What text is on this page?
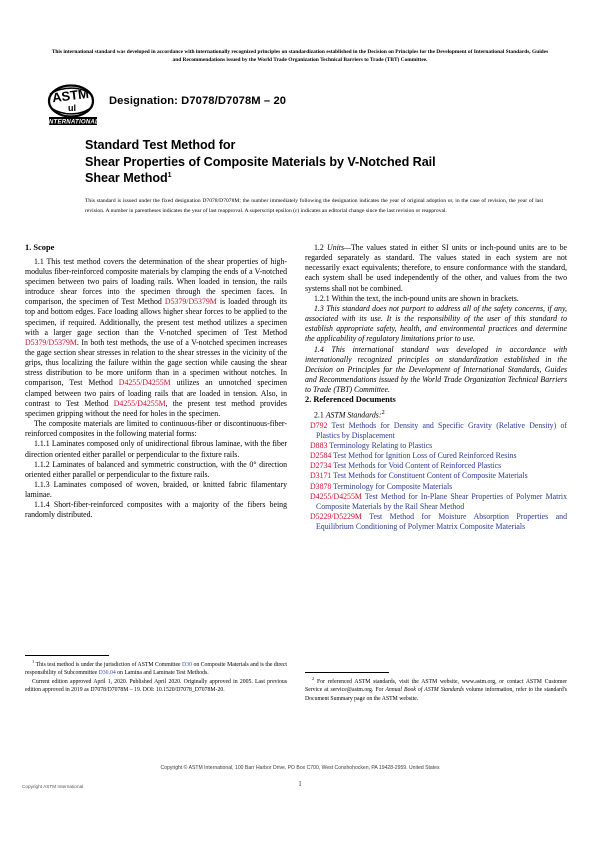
This international standard was developed in accordance with internationally recognized principles on standardization established in the Decision on Principles for the Development of International Standards, Guides and Recommendations issued by the World Trade Organization Technical Barriers to Trade (TBT) Committee.
ASTM
ul
INTERNATIONAL
Designation: D7078/D7078M – 20
Standard Test Method for
Shear Properties of Composite Materials by V-Notched Rail
Shear Method$^1$
This standard is issued under the fixed designation D7078/D7078M; the number immediately following the designation indicates the year of original adoption or, in the case of revision, the year of last revision. A number in parentheses indicates the year of last reapproval. A superscript epsilon (ε) indicates an editorial change since the last revision or reapproval.
1. Scope

1.1 This test method covers the determination of the shear properties of high-modulus fiber-reinforced composite materials by clamping the ends of a V-notched specimen between two pairs of loading rails. When loaded in tension, the rails introduce shear forces into the specimen through the specimen faces. In comparison, the specimen of Test Method D5379/D5379M is loaded through its top and bottom edges. Face loading allows higher shear forces to be applied to the specimen, if required. Additionally, the present test method utilizes a specimen with a larger gage section than the V-notched specimen of Test Method D5379/D5379M. In both test methods, the use of a V-notched specimen increases the gage section shear stresses in relation to the shear stresses in the vicinity of the grips, thus localizing the failure within the gage section while causing the shear stress distribution to be more uniform than in a specimen without notches. In comparison, Test Method D4255/D4255M utilizes an unnotched specimen clamped between two pairs of loading rails that are loaded in tension. Also, in contrast to Test Method D4255/D4255M, the present test method provides specimen gripping without the need for holes in the specimen.

The composite materials are limited to continuous-fiber or discontinuous-fiber-reinforced composites in the following material forms:

1.1.1 Laminates composed only of unidirectional fibrous laminae, with the fiber direction oriented either parallel or perpendicular to the fixture rails.

1.1.2 Laminates of balanced and symmetric construction, with the 0° direction oriented either parallel or perpendicular to the fixture rails.

1.1.3 Laminates composed of woven, braided, or knitted fabric filamentary laminae.

1.1.4 Short-fiber-reinforced composites with a majority of the fibers being randomly distributed.

1.2 Units—The values stated in either SI units or inch-pound units are to be regarded separately as standard. The values stated in each system are not necessarily exact equivalents; therefore, to ensure conformance with the standard, each system shall be used independently of the other, and values from the two systems shall not be combined.

1.2.1 Within the text, the inch-pound units are shown in brackets.

1.3 This standard does not purport to address all of the safety concerns, if any, associated with its use. It is the responsibility of the user of this standard to establish appropriate safety, health, and environmental practices and determine the applicability of regulatory limitations prior to use.

1.4 This international standard was developed in accordance with internationally recognized principles on standardization established in the Decision on Principles for the Development of International Standards, Guides and Recommendations issued by the World Trade Organization Technical Barriers to Trade (TBT) Committee.

2. Referenced Documents

2.1 ASTM Standards:$^2$

D792 Test Methods for Density and Specific Gravity (Relative Density) of Plastics by Displacement

D883 Terminology Relating to Plastics

D2584 Test Method for Ignition Loss of Cured Reinforced Resins

D2734 Test Methods for Void Content of Reinforced Plastics

D3171 Test Methods for Constituent Content of Composite Materials

D3878 Terminology for Composite Materials

D4255/D4255M Test Method for In-Plane Shear Properties of Polymer Matrix Composite Materials by the Rail Shear Method

D5229/D5229M Test Method for Moisture Absorption Properties and Equilibrium Conditioning of Polymer Matrix Composite Materials

$^1$ This test method is under the jurisdiction of ASTM Committee D30 on Composite Materials and is the direct responsibility of Subcommittee D30.04 on Lamina and Laminate Test Methods.

Current edition approved April 1, 2020. Published April 2020. Originally approved in 2005. Last previous edition approved in 2019 as D7078/D7078M – 19. DOI: 10.1520/D7078_D7078M-20.

$^2$ For referenced ASTM standards, visit the ASTM website, www.astm.org, or contact ASTM Customer Service at service@astm.org. For Annual Book of ASTM Standards volume information, refer to the standard's Document Summary page on the ASTM website.

Copyright © ASTM International, 100 Barr Harbor Drive, PO Box C700, West Conshohocken, PA 19428-2959. United States
Copyright ASTM International	1
